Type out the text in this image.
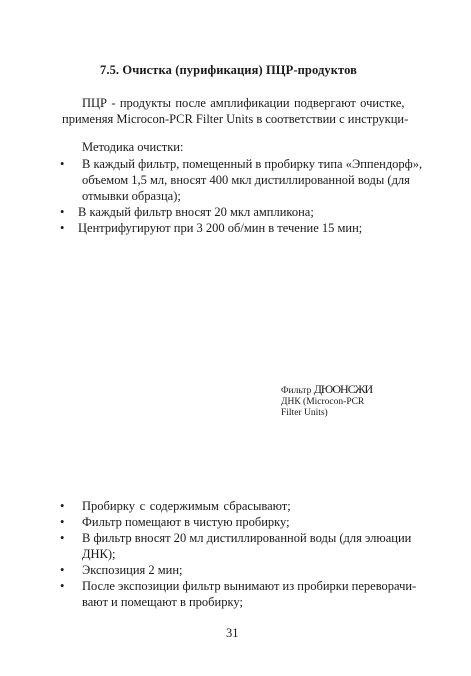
7.5. Очистка (пурификация) ПЦР-продуктов
ПЦР - продукты после амплификации подвергают очистке,
применяя Microcon-PCR Filter Units в соответствии с инструкци-
Методика очистки:
• В каждый фильтр, помещенный в пробирку типа «Эппендорф»,
объемом 1,5 мл, вносят 400 мкл дистиллированной воды (для
отмывки образца);
• В каждый фильтр вносят 20 мкл ампликона;
• Центрифугируют при 3 200 об/мин в течение 15 мин;
Фильтр ДЮОНСЖИ
ДНК (Microcon-PCR
Filter Units)
• Пробирку с содержимым сбрасывают;
• Фильтр помещают в чистую пробирку;
• В фильтр вносят 20 мл дистиллированной воды (для элюации
ДНК);
• Экспозиция 2 мин;
• После экспозиции фильтр вынимают из пробирки переворачи-
вают и помещают в пробирку;
31
